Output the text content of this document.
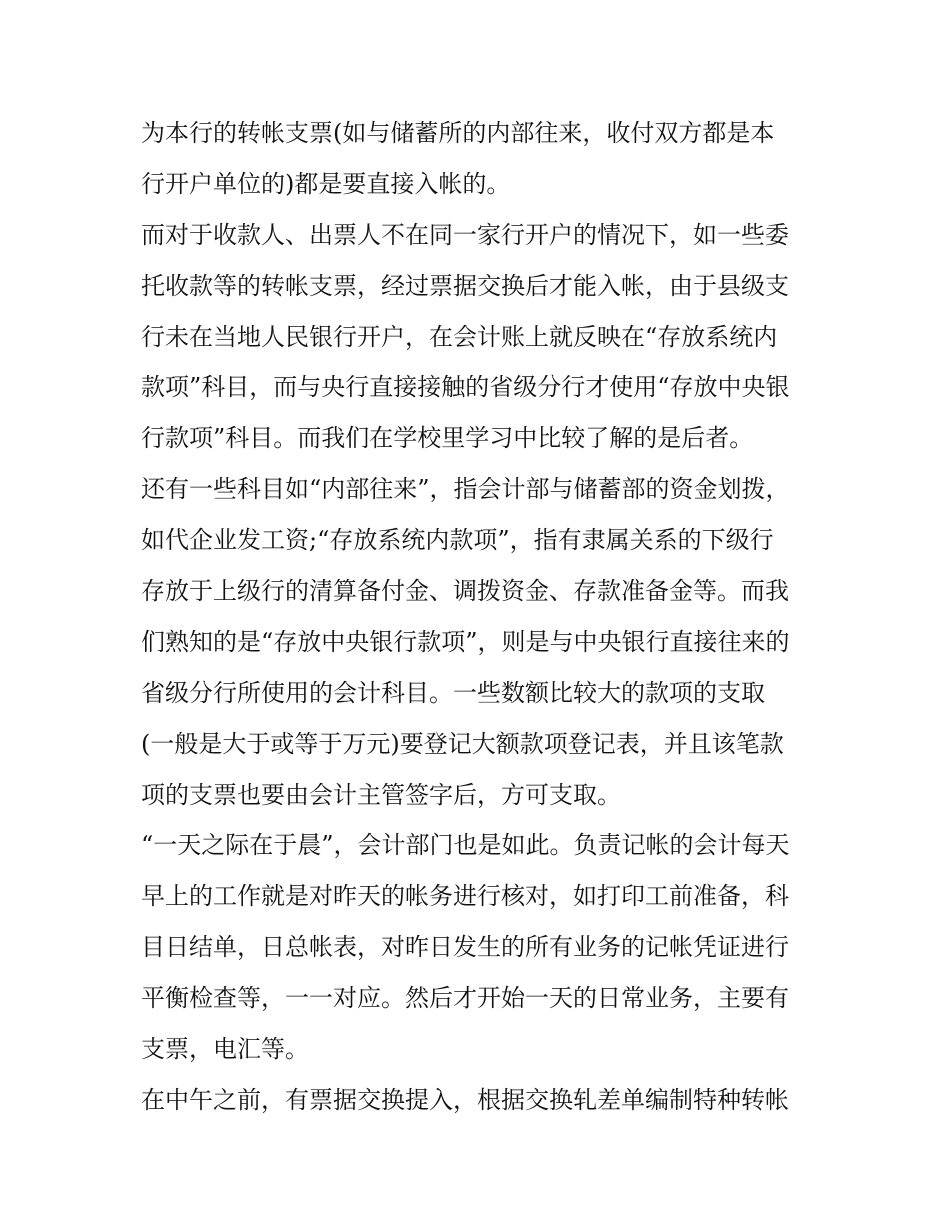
为本行的转帐支票(如与储蓄所的内部往来，收付双方都是本
行开户单位的)都是要直接入帐的。
而对于收款人、出票人不在同一家行开户的情况下，如一些委
托收款等的转帐支票，经过票据交换后才能入帐，由于县级支
行未在当地人民银行开户，在会计账上就反映在“存放系统内
款项”科目，而与央行直接接触的省级分行才使用“存放中央银
行款项”科目。而我们在学校里学习中比较了解的是后者。
还有一些科目如“内部往来”，指会计部与储蓄部的资金划拨，
如代企业发工资;“存放系统内款项”，指有隶属关系的下级行
存放于上级行的清算备付金、调拨资金、存款准备金等。而我
们熟知的是“存放中央银行款项”，则是与中央银行直接往来的
省级分行所使用的会计科目。一些数额比较大的款项的支取
(一般是大于或等于万元)要登记大额款项登记表，并且该笔款
项的支票也要由会计主管签字后，方可支取。
“一天之际在于晨”，会计部门也是如此。负责记帐的会计每天
早上的工作就是对昨天的帐务进行核对，如打印工前准备，科
目日结单，日总帐表，对昨日发生的所有业务的记帐凭证进行
平衡检查等，一一对应。然后才开始一天的日常业务，主要有
支票，电汇等。
在中午之前，有票据交换提入，根据交换轧差单编制特种转帐
